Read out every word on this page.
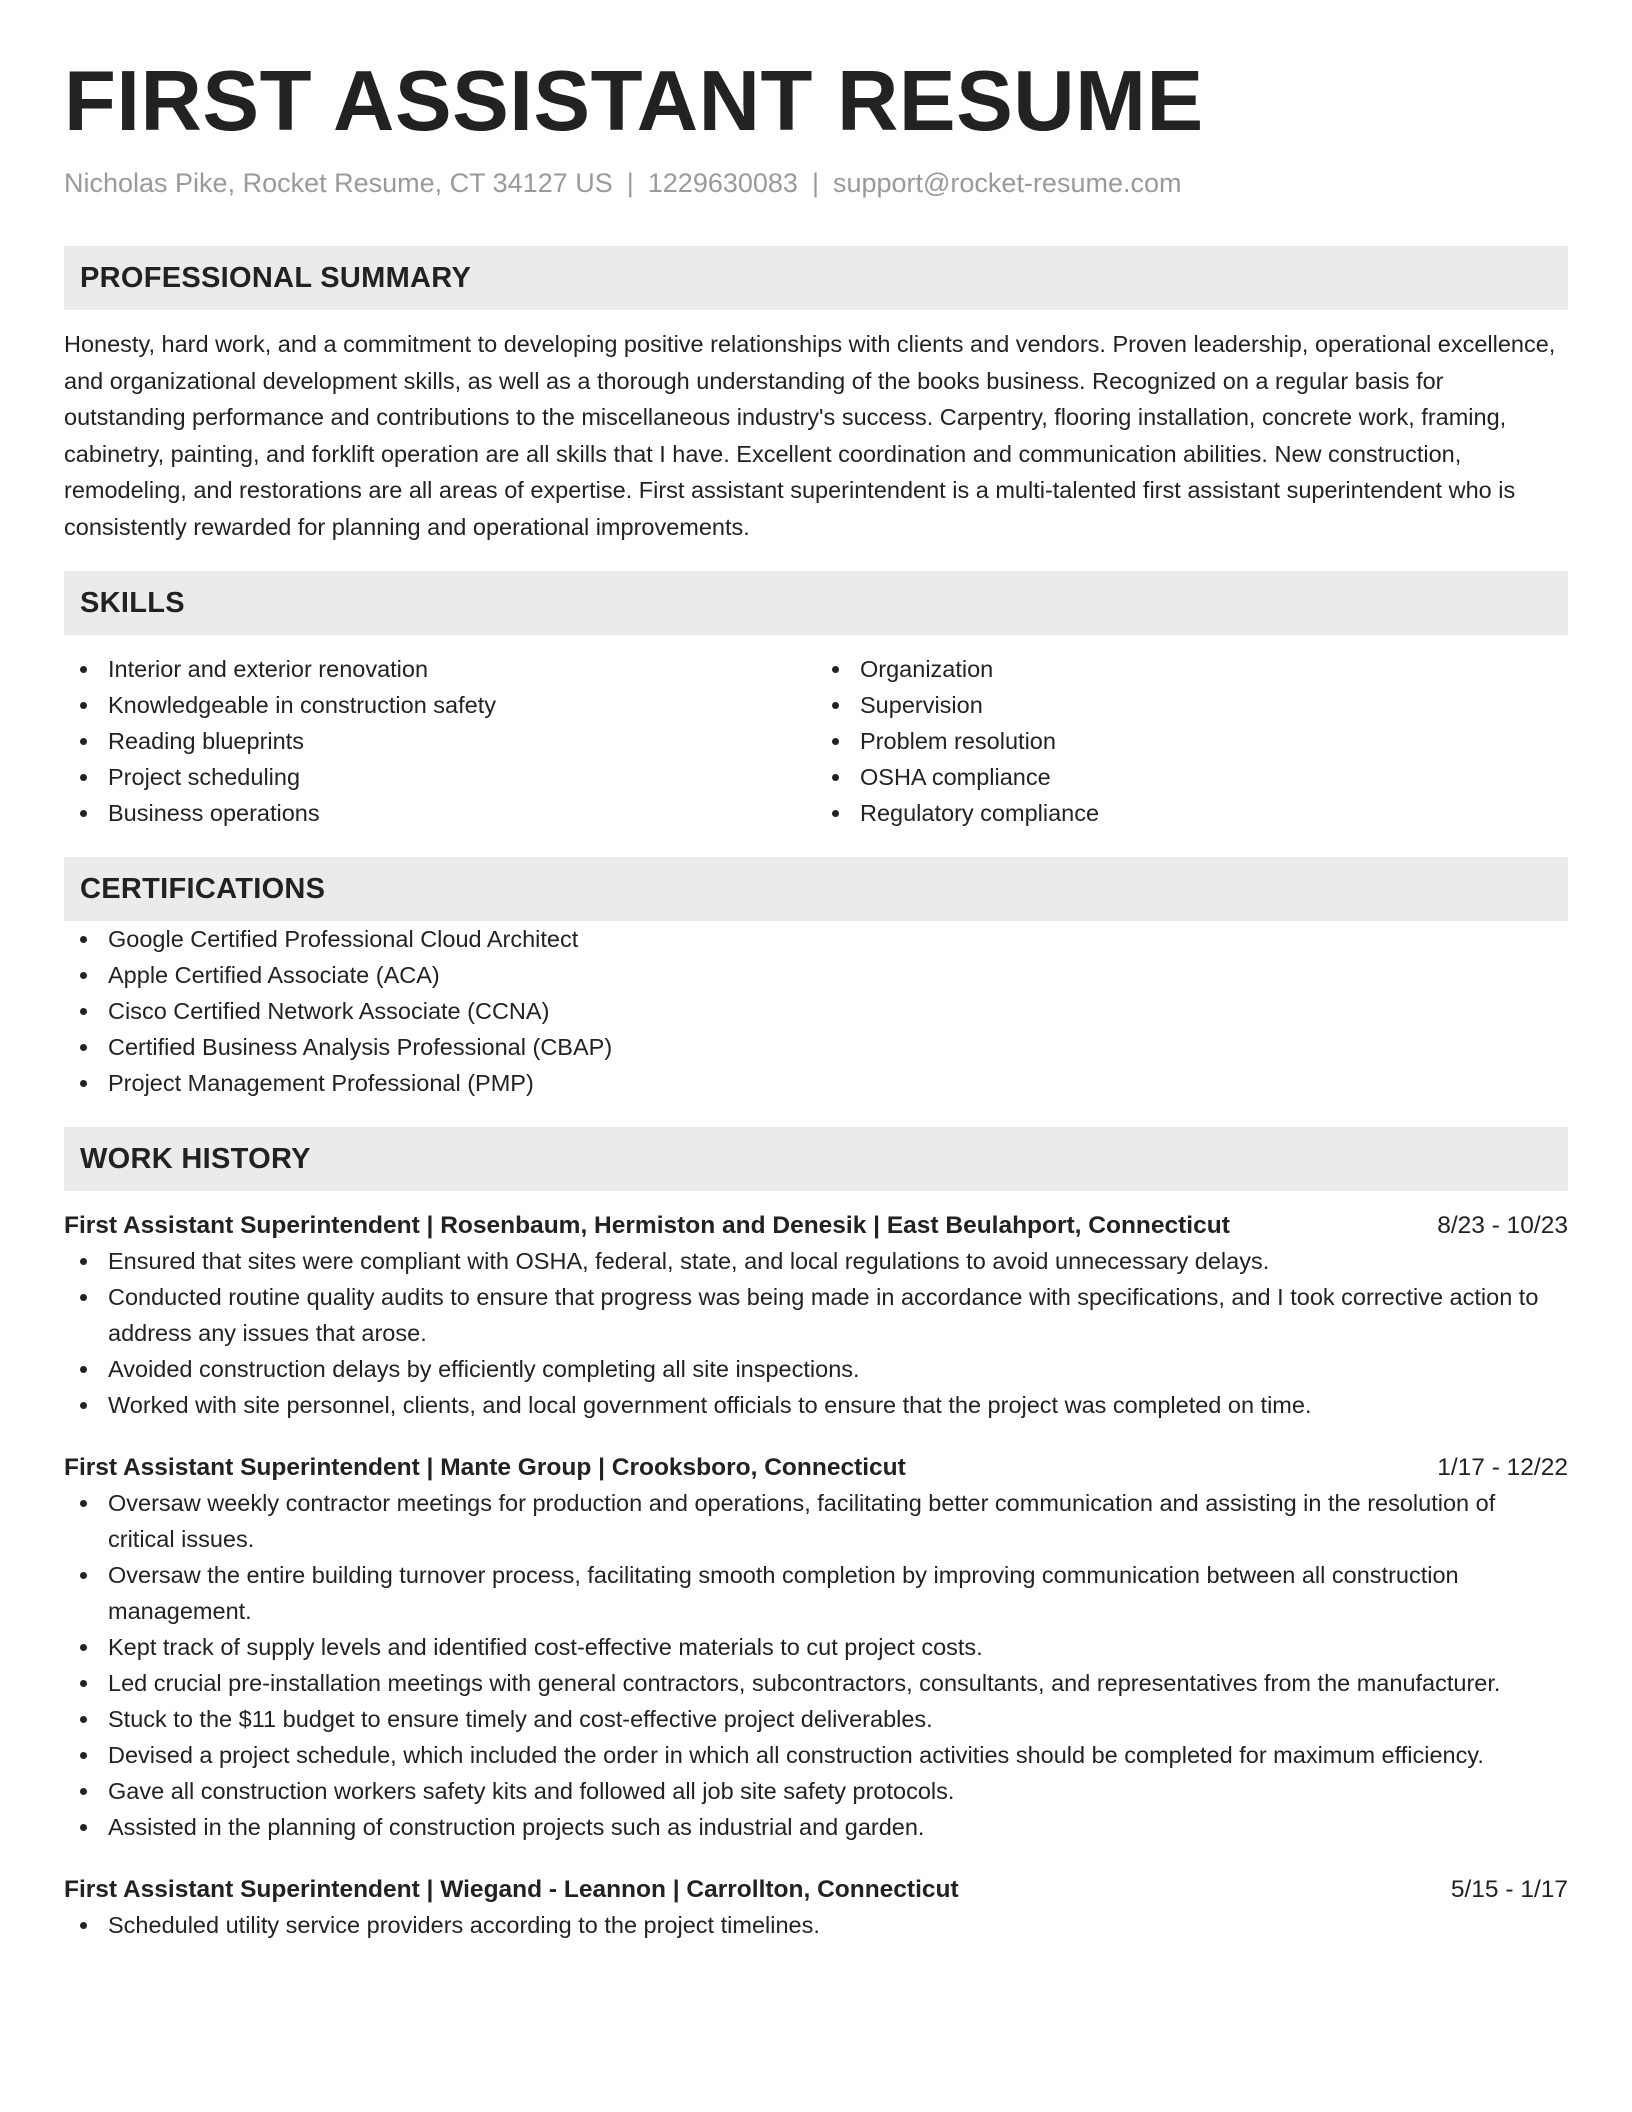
FIRST ASSISTANT RESUME
Nicholas Pike, Rocket Resume, CT 34127 US | 1229630083 | support@rocket-resume.com
PROFESSIONAL SUMMARY

Honesty, hard work, and a commitment to developing positive relationships with clients and vendors. Proven leadership, operational excellence, and organizational development skills, as well as a thorough understanding of the books business. Recognized on a regular basis for outstanding performance and contributions to the miscellaneous industry's success. Carpentry, flooring installation, concrete work, framing, cabinetry, painting, and forklift operation are all skills that I have. Excellent coordination and communication abilities. New construction, remodeling, and restorations are all areas of expertise. First assistant superintendent is a multi-talented first assistant superintendent who is consistently rewarded for planning and operational improvements.

SKILLS
Interior and exterior renovation
Knowledgeable in construction safety
Reading blueprints
Project scheduling
Business operations
Organization
Supervision
Problem resolution
OSHA compliance
Regulatory compliance
CERTIFICATIONS
Google Certified Professional Cloud Architect
Apple Certified Associate (ACA)
Cisco Certified Network Associate (CCNA)
Certified Business Analysis Professional (CBAP)
Project Management Professional (PMP)
WORK HISTORY
First Assistant Superintendent | Rosenbaum, Hermiston and Denesik | East Beulahport, Connecticut	8/23 - 10/23
Ensured that sites were compliant with OSHA, federal, state, and local regulations to avoid unnecessary delays.
Conducted routine quality audits to ensure that progress was being made in accordance with specifications, and I took corrective action to address any issues that arose.
Avoided construction delays by efficiently completing all site inspections.
Worked with site personnel, clients, and local government officials to ensure that the project was completed on time.
First Assistant Superintendent | Mante Group | Crooksboro, Connecticut	1/17 - 12/22
Oversaw weekly contractor meetings for production and operations, facilitating better communication and assisting in the resolution of critical issues.
Oversaw the entire building turnover process, facilitating smooth completion by improving communication between all construction management.
Kept track of supply levels and identified cost-effective materials to cut project costs.
Led crucial pre-installation meetings with general contractors, subcontractors, consultants, and representatives from the manufacturer.
Stuck to the $11 budget to ensure timely and cost-effective project deliverables.
Devised a project schedule, which included the order in which all construction activities should be completed for maximum efficiency.
Gave all construction workers safety kits and followed all job site safety protocols.
Assisted in the planning of construction projects such as industrial and garden.
First Assistant Superintendent | Wiegand - Leannon | Carrollton, Connecticut	5/15 - 1/17
Scheduled utility service providers according to the project timelines.
